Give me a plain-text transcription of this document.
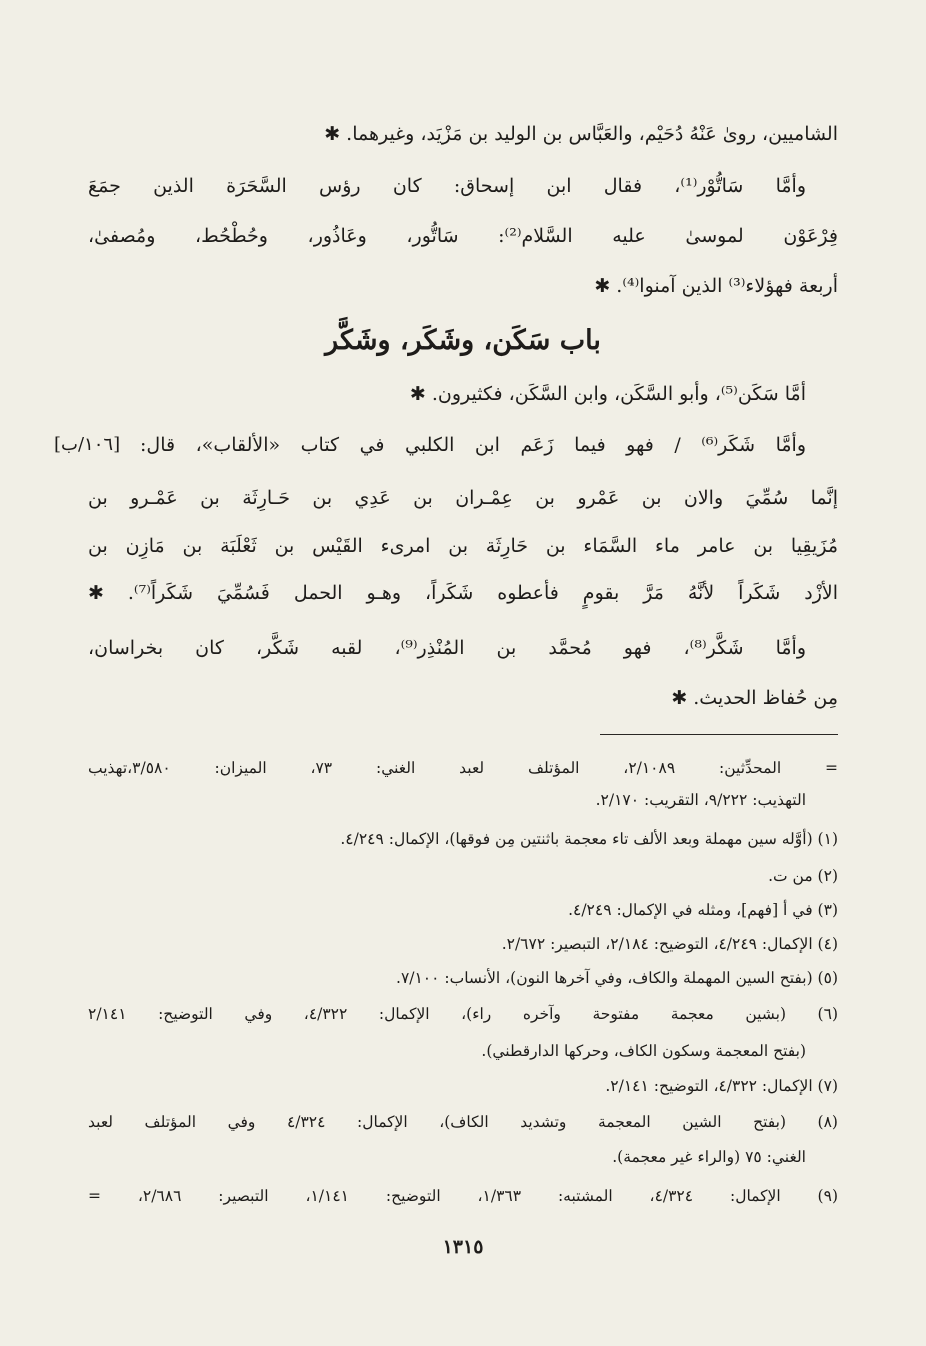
الشاميين، روىٰ عَنْهُ دُحَيْم، والعَبَّاس بن الوليد بن مَزْيَد، وغيرهما. ✱
وأمَّا سَاتُّوْر⁽¹⁾، فقال ابن إسحاق: كان رؤس السَّحَرَة الذين جمَعَ
فِرْعَوْن لموسىٰ عليه السَّلام⁽²⁾: سَاتُّور، وعَاذُور، وحُطْحُط، ومُصفىٰ،
أربعة فهؤلاء⁽³⁾ الذين آمنوا⁽⁴⁾. ✱
باب سَكَن، وشَكَر، وشَكَّر
أمَّا سَكَن⁽⁵⁾، وأبو السَّكَن، وابن السَّكَن، فكثيرون. ✱
وأمَّا شَكَر⁽⁶⁾ / فهو فيما زَعَم ابن الكلبي في كتاب «الألقاب»، قال:
[١٠٦/ب]
إنَّما سُمِّيَ والان بن عَمْرو بن عِمْـران بن عَدِي بن حَـارِثَة بن عَمْـرو بن
مُزَيقِيا بن عامر ماء السَّمَاء بن حَارِثَة بن امرىء القَيْس بن ثَعْلَبَة بن مَازِن بن
الأزْد شَكَراً لأنَّهُ مَرَّ بقومٍ فأعطوه شَكَراً، وهـو الحمل فَسُمِّيَ شَكَراً⁽⁷⁾. ✱
وأمَّا شَكَّر⁽⁸⁾، فهو مُحمَّد بن المُنْذِر⁽⁹⁾، لقبه شَكَّر، كان بخراسان،
مِن حُفاظ الحديث. ✱
= المحدِّثين: ٢/١٠٨٩، المؤتلف لعبد الغني: ٧٣، الميزان: ٣/٥٨٠،تهذيب
التهذيب: ٩/٢٢٢، التقريب: ٢/١٧٠.
(١) (أوَّله سين مهملة وبعد الألف تاء معجمة باثنتين مِن فوقها)، الإكمال: ٤/٢٤٩.
(٢) من ت.
(٣) في أ [فهم]، ومثله في الإكمال: ٤/٢٤٩.
(٤) الإكمال: ٤/٢٤٩، التوضيح: ٢/١٨٤، التبصير: ٢/٦٧٢.
(٥) (بفتح السين المهملة والكاف، وفي آخرها النون)، الأنساب: ٧/١٠٠.
(٦) (بشين معجمة مفتوحة وآخره راء)، الإكمال: ٤/٣٢٢، وفي التوضيح: ٢/١٤١
(بفتح المعجمة وسكون الكاف، وحركها الدارقطني).
(٧) الإكمال: ٤/٣٢٢، التوضيح: ٢/١٤١.
(٨) (بفتح الشين المعجمة وتشديد الكاف)، الإكمال: ٤/٣٢٤ وفي المؤتلف لعبد
الغني: ٧٥ (والراء غير معجمة).
(٩) الإكمال: ٤/٣٢٤، المشتبه: ١/٣٦٣، التوضيح: ١/١٤١، التبصير: ٢/٦٨٦، =
١٣١٥
